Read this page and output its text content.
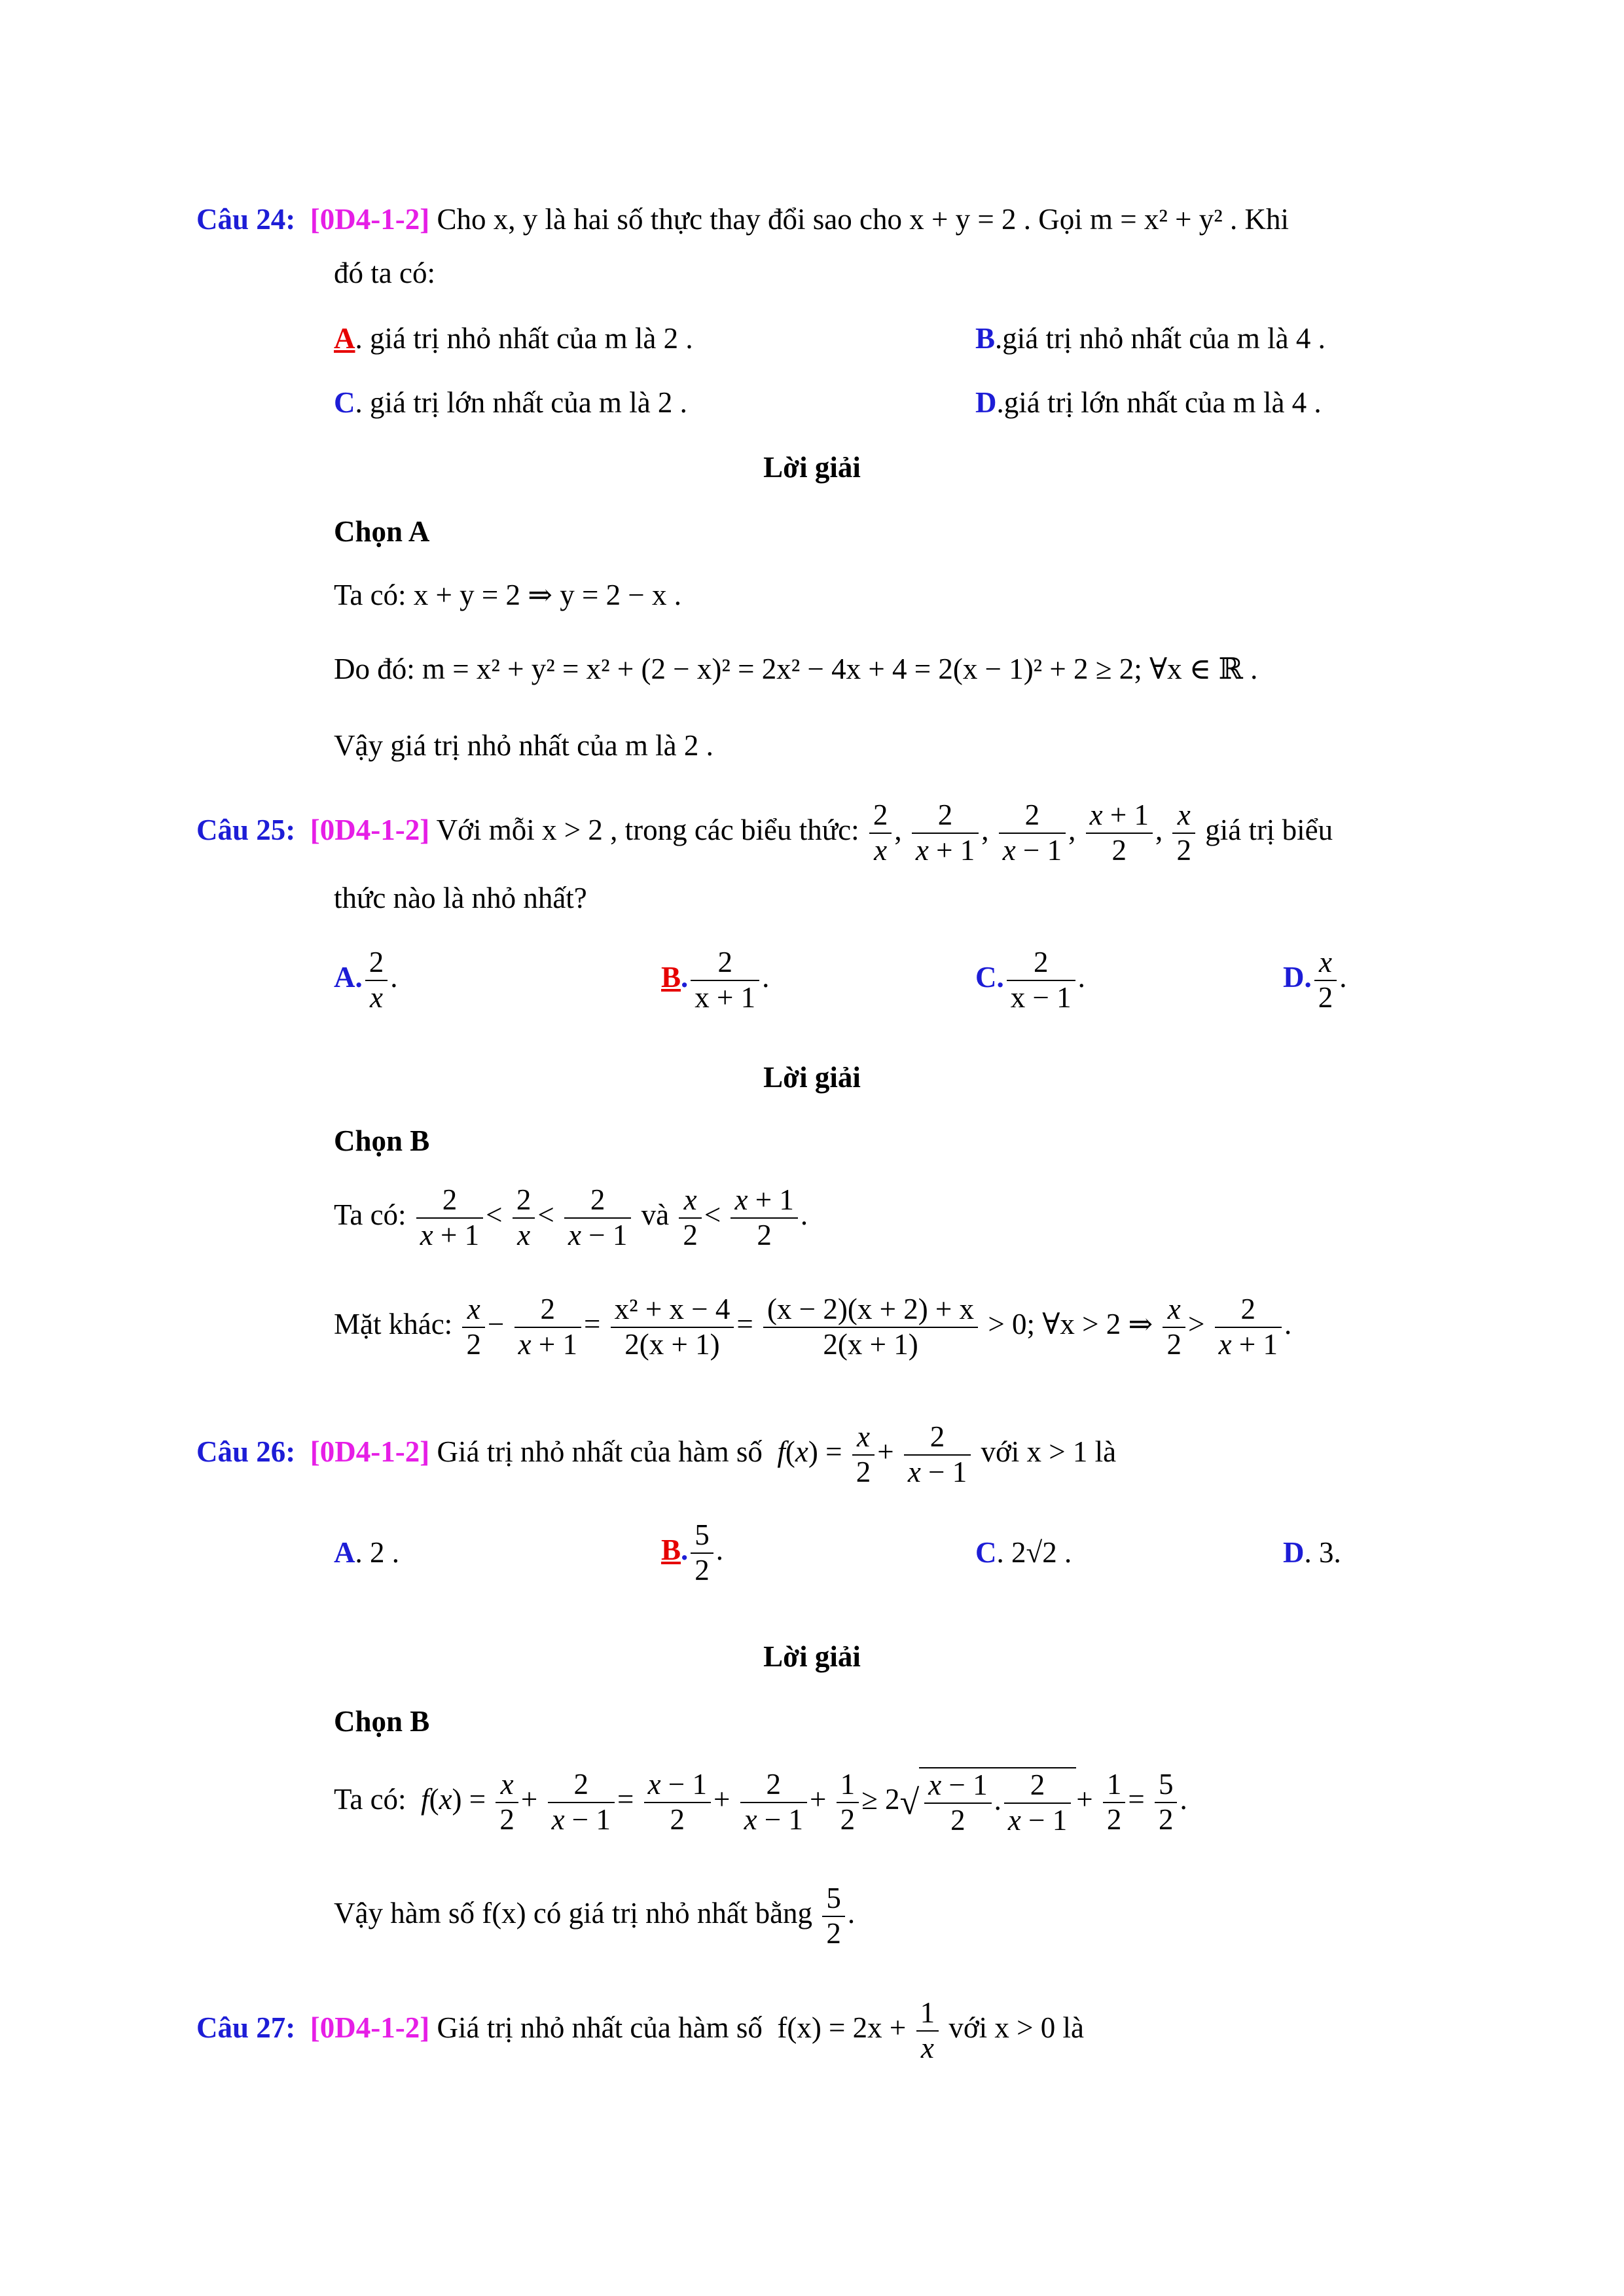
Câu 24: [0D4-1-2] Cho x, y là hai số thực thay đổi sao cho x + y = 2 . Gọi m = x² + y² . Khi
đó ta có:
A. giá trị nhỏ nhất của m là 2 .	B.giá trị nhỏ nhất của m là 4 .
C. giá trị lớn nhất của m là 2 .	D.giá trị lớn nhất của m là 4 .
Lời giải
Chọn A
Ta có: x + y = 2 ⇒ y = 2 − x .
Do đó: m = x² + y² = x² + (2 − x)² = 2x² − 4x + 4 = 2(x − 1)² + 2 ≥ 2; ∀x ∈ ℝ .
Vậy giá trị nhỏ nhất của m là 2 .
Câu 25: [0D4-1-2] Với mỗi x > 2 , trong các biểu thức: $\frac{2}{x}$ , $\frac{2}{x + 1}$ , $\frac{2}{x - 1}$ , $\frac{x + 1}{2}$ , $\frac{x}{2}$ giá trị biểu
thức nào là nhỏ nhất?
A. $\frac{2}{x}$ .	B. $\frac{2}{x + 1}$ .	C. $\frac{2}{x - 1}$ .	D. $\frac{x}{2}$ .
Lời giải
Chọn B
Ta có: $\frac{2}{x + 1} < \frac{2}{x} < \frac{2}{x - 1}$ và $\frac{x}{2} < \frac{x + 1}{2}$ .
Mặt khác: $\frac{x}{2} - \frac{2}{x + 1} = \frac{\text{x² + x − 4}}{2(x + 1)} = \frac{(x - 2)(x + 2) + x}{2(x + 1)} > 0$; ∀x > 2 ⇒ $\frac{x}{2} > \frac{2}{x + 1}$ .
Câu 26: [0D4-1-2] Giá trị nhỏ nhất của hàm số $f(x) = \frac{x}{2} + \frac{2}{x - 1}$ với x > 1 là
A. 2 .	B. $\frac{5}{2}$ .	C. 2√2 .	D. 3.
Lời giải
Chọn B
Ta có: $f(x) = \frac{x}{2} + \frac{2}{x - 1} = \frac{x - 1}{2} + \frac{2}{x - 1} + \frac{1}{2} \ge 2√ \frac{x - 1}{2}$ . $\frac{2}{x - 1} + \frac{1}{2} = \frac{5}{2}$ .
Vậy hàm số f(x) có giá trị nhỏ nhất bằng $\frac{5}{2}$ .
Câu 27: [0D4-1-2] Giá trị nhỏ nhất của hàm số $f(x) = 2x + \frac{1}{x}$ với x > 0 là
